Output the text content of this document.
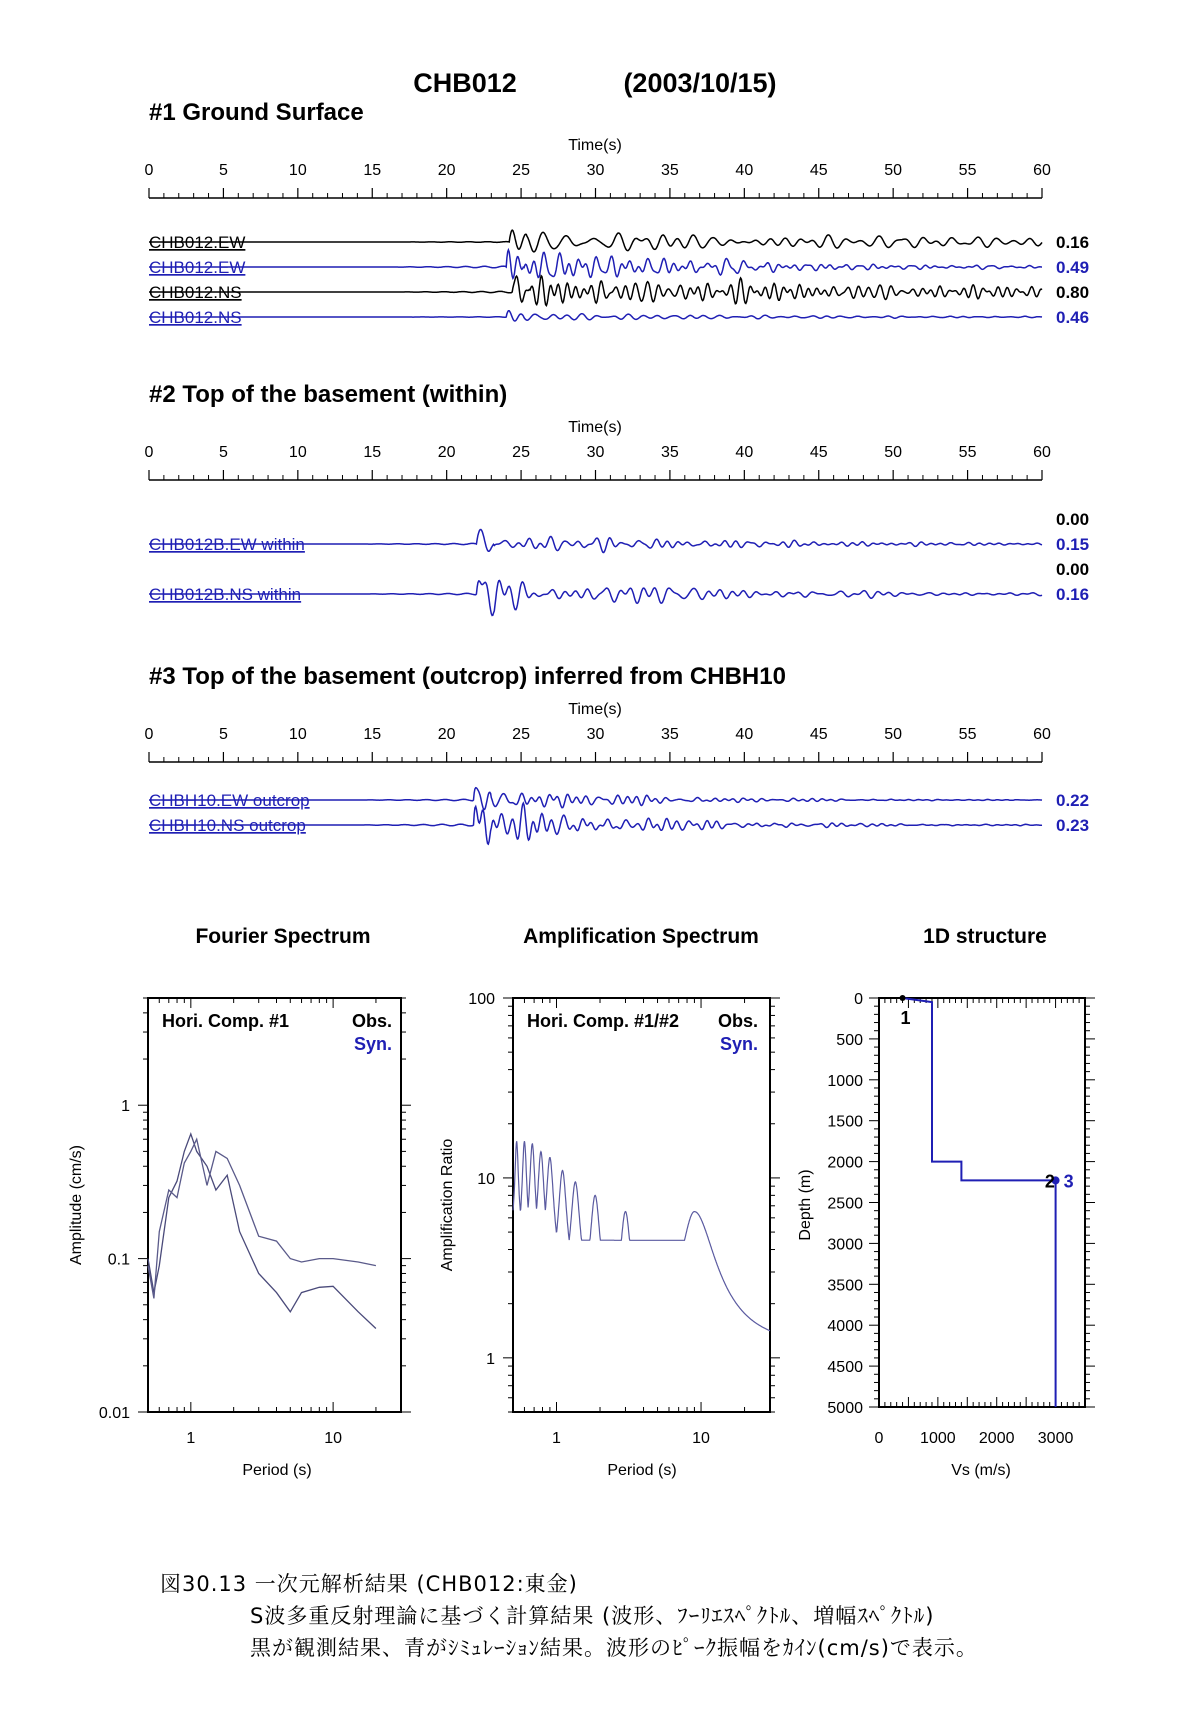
CHB012	(2003/10/15)
#1 Ground Surface
Time(s)
0	5	10	15	20	25	30	35	40	45	50	55	60
CHB012.EW	0.16
CHB012.EW	0.49
CHB012.NS	0.80
CHB012.NS	0.46
#2 Top of the basement (within)
Time(s)
0	5	10	15	20	25	30	35	40	45	50	55	60
0.00
CHB012B.EW within	0.15
0.00
CHB012B.NS within	0.16
#3 Top of the basement (outcrop) inferred from CHBH10
Time(s)
0	5	10	15	20	25	30	35	40	45	50	55	60
CHBH10.EW outcrop	0.22
CHBH10.NS outcrop	0.23
Fourier Spectrum
1	10
0.01
0.1
1
Period (s)
Amplitude (cm/s)
Hori. Comp. #1	Obs.
Syn.
Amplification Spectrum
1	10
1
10
100
Period (s)
Amplification Ratio
Hori. Comp. #1/#2 Obs.
Syn.
1D structure
0 1000 2000 3000
0
500
1000
1500
2000
2500
3000
3500
4000
4500
5000
Vs (m/s)
Depth (m)
1
2 3
図30.13 一次元解析結果 (CHB012:東金)
S波多重反射理論に基づく計算結果 (波形、ﾌｰﾘｴｽﾍﾟｸﾄﾙ、増幅ｽﾍﾟｸﾄﾙ)
黒が観測結果、青がｼﾐｭﾚｰｼｮﾝ結果。波形のﾋﾟｰｸ振幅をｶｲﾝ(cm/s)で表示。
